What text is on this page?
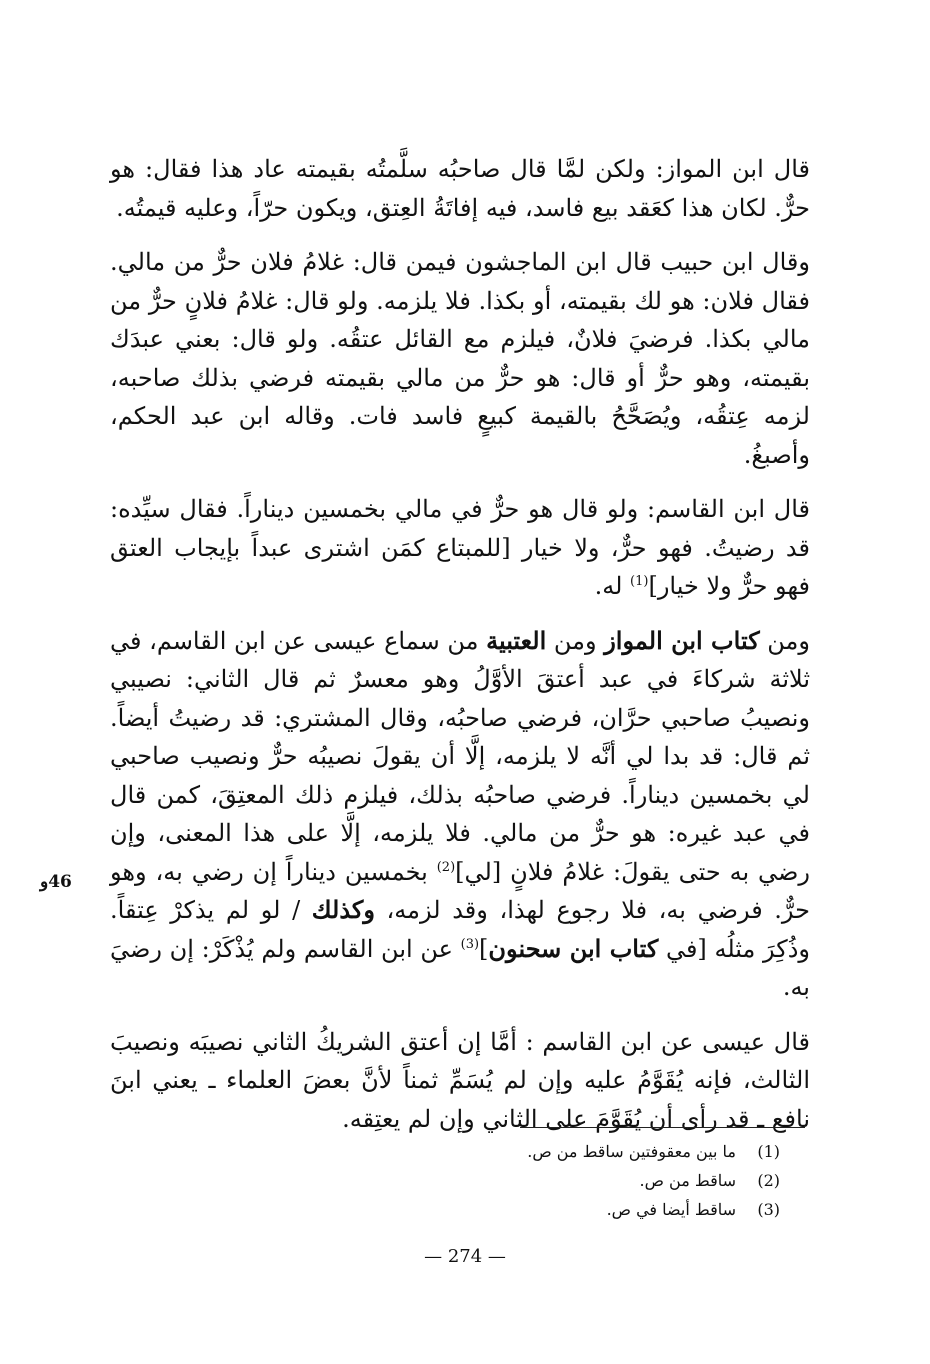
قال ابن المواز: ولكن لمَّا قال صاحبُه سلَّمتُه بقيمته عاد هذا فقال: هو حرٌّ. لكان هذا كعَقد بيع فاسد، فيه إفاتَةُ العِتق، ويكون حرّاً، وعليه قيمتُه.

وقال ابن حبيب قال ابن الماجشون فيمن قال: غلامُ فلان حرٌّ من مالي. فقال فلان: هو لك بقيمته، أو بكذا. فلا يلزمه. ولو قال: غلامُ فلانٍ حرٌّ من مالي بكذا. فرضيَ فلانٌ، فيلزم مع القائل عتقُه. ولو قال: بعني عبدَك بقيمته، وهو حرٌّ أو قال: هو حرٌّ من مالي بقيمته فرضي بذلك صاحبه، لزمه عِتقُه، ويُصَحَّحُ بالقيمة كبيعٍ فاسد فات. وقاله ابن عبد الحكم، وأصبغُ.

قال ابن القاسم: ولو قال هو حرٌّ في مالي بخمسين ديناراً. فقال سيِّده: قد رضيتُ. فهو حرٌّ، ولا خيار [للمبتاع كمَن اشترى عبداً بإيجاب العتق فهو حرٌّ ولا خيار]$^{(1)}$ له.

ومن كتاب ابن المواز ومن العتبية من سماع عيسى عن ابن القاسم، في ثلاثة شركاءَ في عبد أعتقَ الأوَّلُ وهو معسرٌ ثم قال الثاني: نصيبي ونصيبُ صاحبي حرَّان، فرضي صاحبُه، وقال المشتري: قد رضيتُ أيضاً. ثم قال: قد بدا لي أنَّه لا يلزمه، إلَّا أن يقولَ نصيبُه حرٌّ ونصيب صاحبي لي بخمسين ديناراً. فرضي صاحبُه بذلك، فيلزم ذلك المعتِقَ، كمن قال في عبد غيره: هو حرٌّ من مالي. فلا يلزمه، إلَّا على هذا المعنى، وإن رضي به حتى يقولَ: غلامُ فلانٍ [لي]$^{(2)}$ بخمسين ديناراً إن رضي به، وهو حرٌّ. فرضي به، فلا رجوع لهذا، وقد لزمه، وكذلك / لو لم يذكرْ عِتقاً. وذُكِرَ مثلُه [في كتاب ابن سحنون]$^{(3)}$ عن ابن القاسم ولم يُذْكَرْ: إن رضيَ به.

قال عيسى عن ابن القاسم : أمَّا إن أعتق الشريكُ الثاني نصيبَه ونصيبَ الثالث، فإنه يُقَوَّمُ عليه وإن لم يُسَمِّ ثمناً لأنَّ بعضَ العلماء ـ يعني ابنَ نافع ـ قد رأى أن يُقَوَّمَ على الثاني وإن لم يعتِقه.

46و
(1)
ما بين معقوفتين ساقط من ص.
(2)
ساقط من ص.
(3)
ساقط أيضا في ص.
— 274 —
